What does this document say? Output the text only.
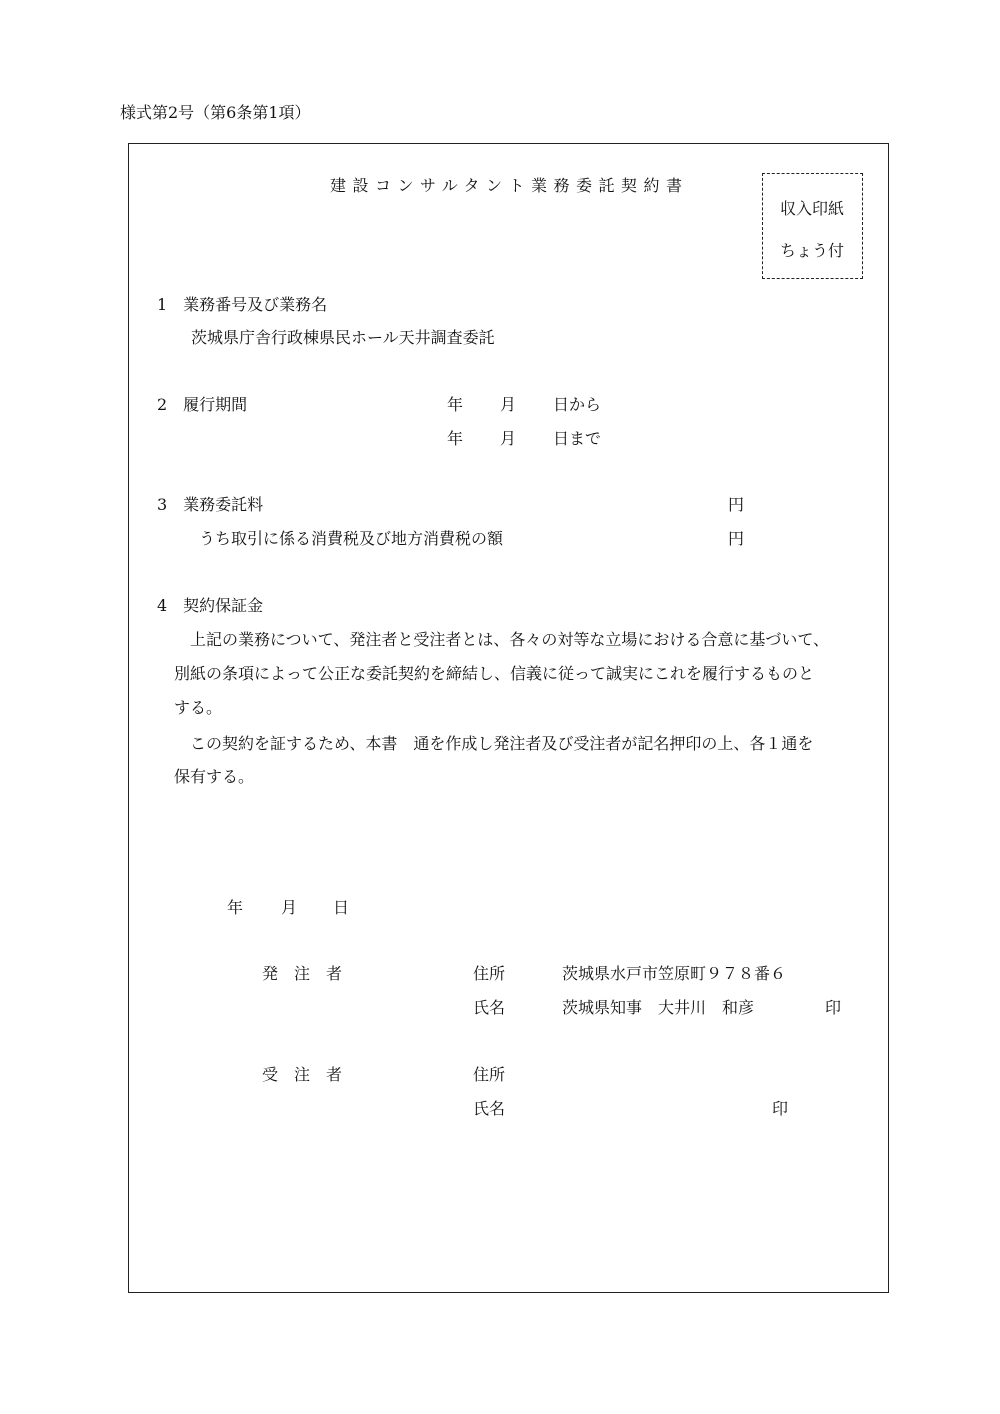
様式第2号（第6条第1項）
建設コンサルタント業務委託契約書
収入印紙
ちょう付
1　業務番号及び業務名
茨城県庁舎行政棟県民ホール天井調査委託
2　履行期間	年 月 日から
年 月 日まで
3　業務委託料	円
うち取引に係る消費税及び地方消費税の額	円
4　契約保証金
　上記の業務について、発注者と受注者とは、各々の対等な立場における合意に基づいて、
別紙の条項によって公正な委託契約を締結し、信義に従って誠実にこれを履行するものと
する。
　この契約を証するため、本書　通を作成し発注者及び受注者が記名押印の上、各１通を
保有する。
年 月 日
発　注　者	住所	茨城県水戸市笠原町９７８番６
氏名	茨城県知事　大井川　和彦	印
受　注　者	住所
氏名	印
